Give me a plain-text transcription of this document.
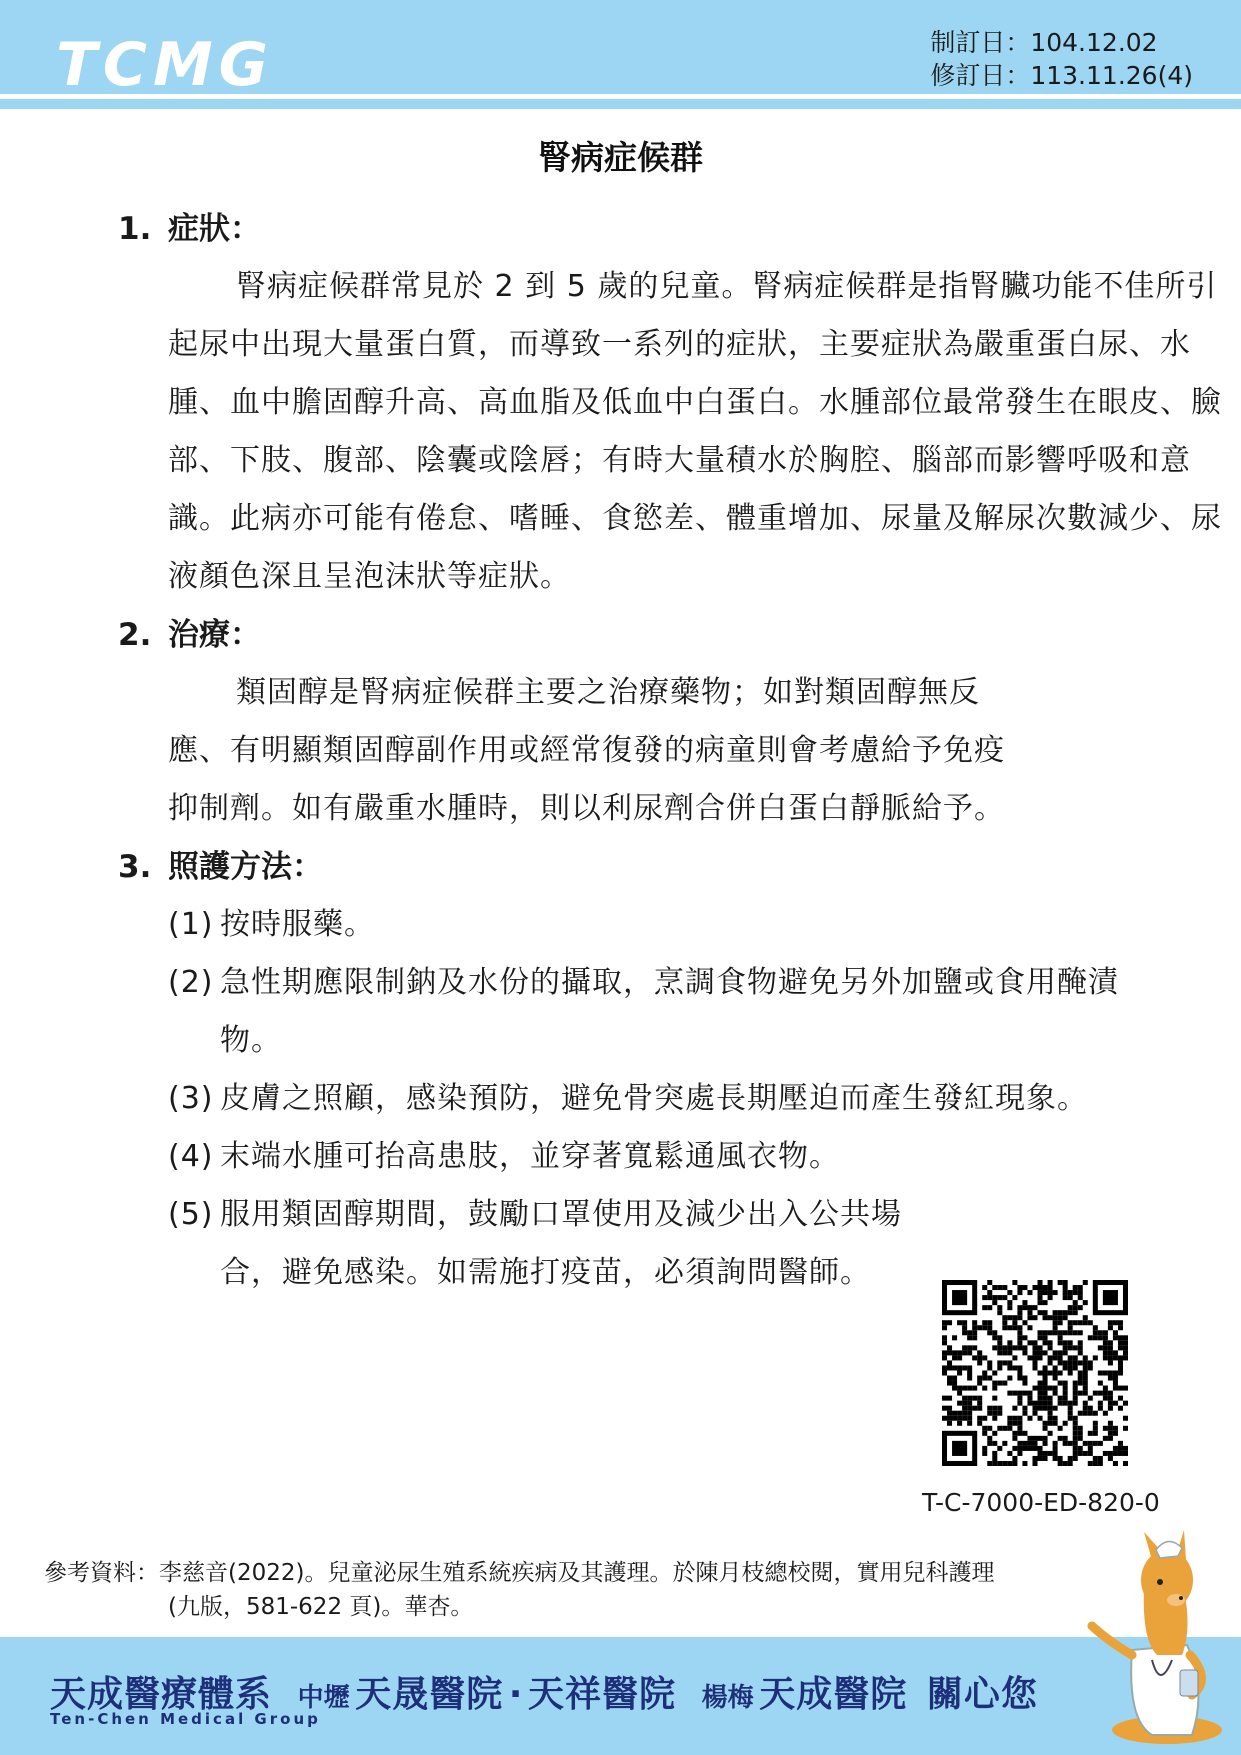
TCMG	制訂日：104.12.02
修訂日：113.11.26(4)
腎病症候群
1. 症狀：
腎病症候群常見於 2 到 5 歲的兒童。腎病症候群是指腎臟功能不佳所引起尿中出現大量蛋白質，而導致一系列的症狀，主要症狀為嚴重蛋白尿、水腫、血中膽固醇升高、高血脂及低血中白蛋白。水腫部位最常發生在眼皮、臉部、下肢、腹部、陰囊或陰唇；有時大量積水於胸腔、腦部而影響呼吸和意識。此病亦可能有倦怠、嗜睡、食慾差、體重增加、尿量及解尿次數減少、尿液顏色深且呈泡沫狀等症狀。
2. 治療：
類固醇是腎病症候群主要之治療藥物；如對類固醇無反應、有明顯類固醇副作用或經常復發的病童則會考慮給予免疫抑制劑。如有嚴重水腫時，則以利尿劑合併白蛋白靜脈給予。
3. 照護方法：
(1) 按時服藥。
(2) 急性期應限制鈉及水份的攝取，烹調食物避免另外加鹽或食用醃漬物。
(3) 皮膚之照顧，感染預防，避免骨突處長期壓迫而產生發紅現象。
(4) 末端水腫可抬高患肢，並穿著寬鬆通風衣物。
(5) 服用類固醇期間，鼓勵口罩使用及減少出入公共場合，避免感染。如需施打疫苗，必須詢問醫師。
T-C-7000-ED-820-0
參考資料：李慈音(2022)。兒童泌尿生殖系統疾病及其護理。於陳月枝總校閱，實用兒科護理
(九版，581-622 頁)。華杏。
天成醫療體系 中壢 天晟醫院 · 天祥醫院 楊梅 天成醫院 關心您
Ten-Chen Medical Group
